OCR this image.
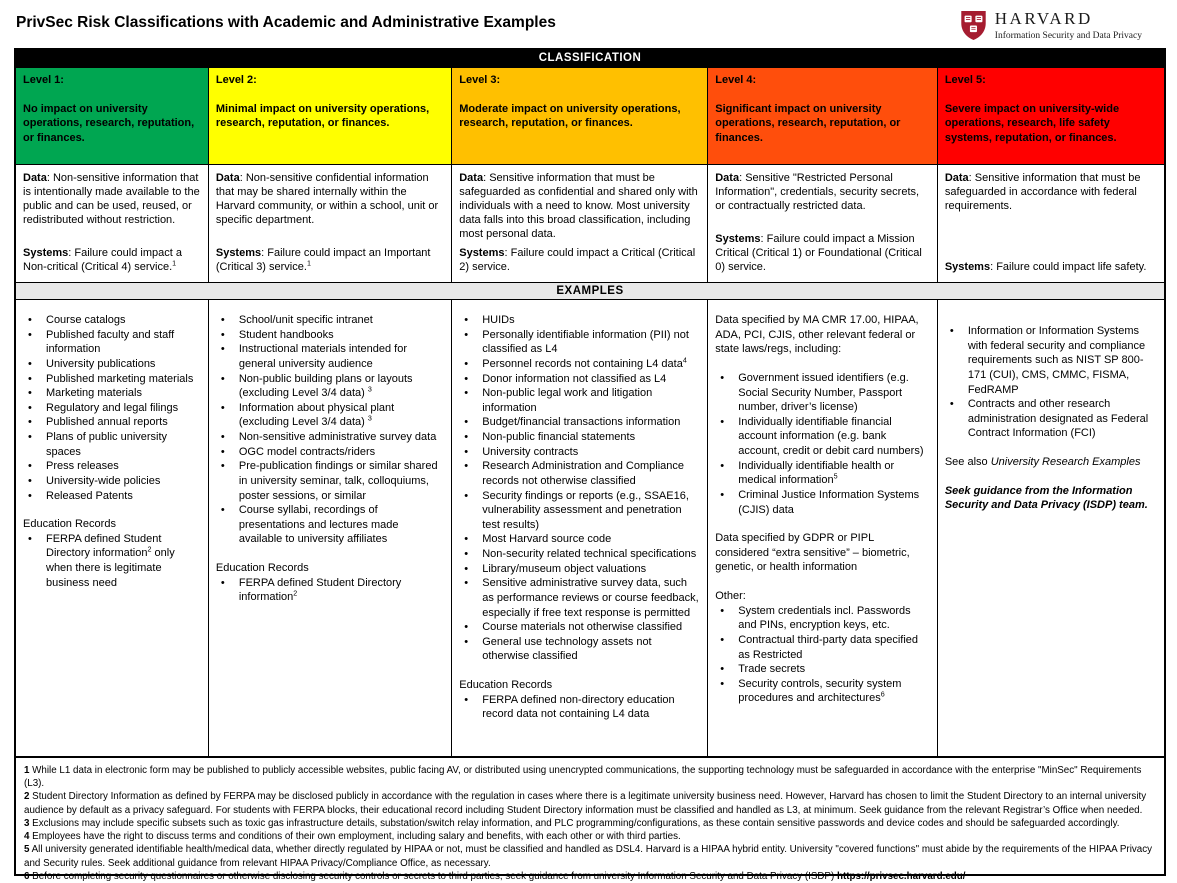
PrivSec Risk Classifications with Academic and Administrative Examples	HARVARD
Information Security and Data Privacy
CLASSIFICATION
Level 1:
No impact on university operations, research, reputation, or finances.
Level 2:
Minimal impact on university operations, research, reputation, or finances.
Level 3:
Moderate impact on university operations, research, reputation, or finances.
Level 4:
Significant impact on university operations, research, reputation, or finances.
Level 5:
Severe impact on university-wide operations, research, life safety systems, reputation, or finances.

Data: Non-sensitive information that is intentionally made available to the public and can be used, reused, or redistributed without restriction.

Systems: Failure could impact a Non-critical (Critical 4) service.$^1$

Data: Non-sensitive confidential information that may be shared internally within the Harvard community, or within a school, unit or specific department.

Systems: Failure could impact an Important (Critical 3) service.$^1$

Data: Sensitive information that must be safeguarded as confidential and shared only with individuals with a need to know. Most university data falls into this broad classification, including most personal data.

Systems: Failure could impact a Critical (Critical 2) service.

Data: Sensitive "Restricted Personal Information", credentials, security secrets, or contractually restricted data.

Systems: Failure could impact a Mission Critical (Critical 1) or Foundational (Critical 0) service.

Data: Sensitive information that must be safeguarded in accordance with federal requirements.

Systems: Failure could impact life safety.

EXAMPLES
• Course catalogs
• Published faculty and staff information
• University publications
• Published marketing materials
• Marketing materials
• Regulatory and legal filings
• Published annual reports
• Plans of public university spaces
• Press releases
• University-wide policies
• Released Patents

Education Records

• FERPA defined Student Directory information$^2$ only when there is legitimate business need
• School/unit specific intranet
• Student handbooks
• Instructional materials intended for general university audience
• Non-public building plans or layouts (excluding Level 3/4 data) $^3$
• Information about physical plant (excluding Level 3/4 data) $^3$
• Non-sensitive administrative survey data
• OGC model contracts/riders
• Pre-publication findings or similar shared in university seminar, talk, colloquiums, poster sessions, or similar
• Course syllabi, recordings of presentations and lectures made available to university affiliates

Education Records

• FERPA defined Student Directory information$^2$
• HUIDs
• Personally identifiable information (PII) not classified as L4
• Personnel records not containing L4 data$^4$
• Donor information not classified as L4
• Non-public legal work and litigation information
• Budget/financial transactions information
• Non-public financial statements
• University contracts
• Research Administration and Compliance records not otherwise classified
• Security findings or reports (e.g., SSAE16, vulnerability assessment and penetration test results)
• Most Harvard source code
• Non-security related technical specifications
• Library/museum object valuations
• Sensitive administrative survey data, such as performance reviews or course feedback, especially if free text response is permitted
• Course materials not otherwise classified
• General use technology assets not otherwise classified

Education Records

• FERPA defined non-directory education record data not containing L4 data

Data specified by MA CMR 17.00, HIPAA, ADA, PCI, CJIS, other relevant federal or state laws/regs, including:

• Government issued identifiers (e.g. Social Security Number, Passport number, driver’s license)
• Individually identifiable financial account information (e.g. bank account, credit or debit card numbers)
• Individually identifiable health or medical information$^5$
• Criminal Justice Information Systems (CJIS) data

Data specified by GDPR or PIPL considered “extra sensitive” – biometric, genetic, or health information

Other:

• System credentials incl. Passwords and PINs, encryption keys, etc.
• Contractual third-party data specified as Restricted
• Trade secrets
• Security controls, security system procedures and architectures$^6$
• Information or Information Systems with federal security and compliance requirements such as NIST SP 800-171 (CUI), CMS, CMMC, FISMA, FedRAMP
• Contracts and other research administration designated as Federal Contract Information (FCI)

See also University Research Examples

Seek guidance from the Information Security and Data Privacy (ISDP) team.

1 While L1 data in electronic form may be published to publicly accessible websites, public facing AV, or distributed using unencrypted communications, the supporting technology must be safeguarded in accordance with the enterprise "MinSec" Requirements (L3).

2 Student Directory Information as defined by FERPA may be disclosed publicly in accordance with the regulation in cases where there is a legitimate university business need. However, Harvard has chosen to limit the Student Directory to an internal university audience by default as a privacy safeguard. For students with FERPA blocks, their educational record including Student Directory information must be classified and handled as L3, at minimum. Seek guidance from the relevant Registrar’s Office when needed.

3 Exclusions may include specific subsets such as toxic gas infrastructure details, substation/switch relay information, and PLC programming/configurations, as these contain sensitive passwords and device codes and should be safeguarded accordingly.

4 Employees have the right to discuss terms and conditions of their own employment, including salary and benefits, with each other or with third parties.

5 All university generated identifiable health/medical data, whether directly regulated by HIPAA or not, must be classified and handled as DSL4. Harvard is a HIPAA hybrid entity. University "covered functions" must abide by the requirements of the HIPAA Privacy and Security rules. Seek additional guidance from relevant HIPAA Privacy/Compliance Office, as necessary.

6 Before completing security questionnaires or otherwise disclosing security controls or secrets to third parties, seek guidance from university Information Security and Data Privacy (ISDP) https://privsec.harvard.edu/
